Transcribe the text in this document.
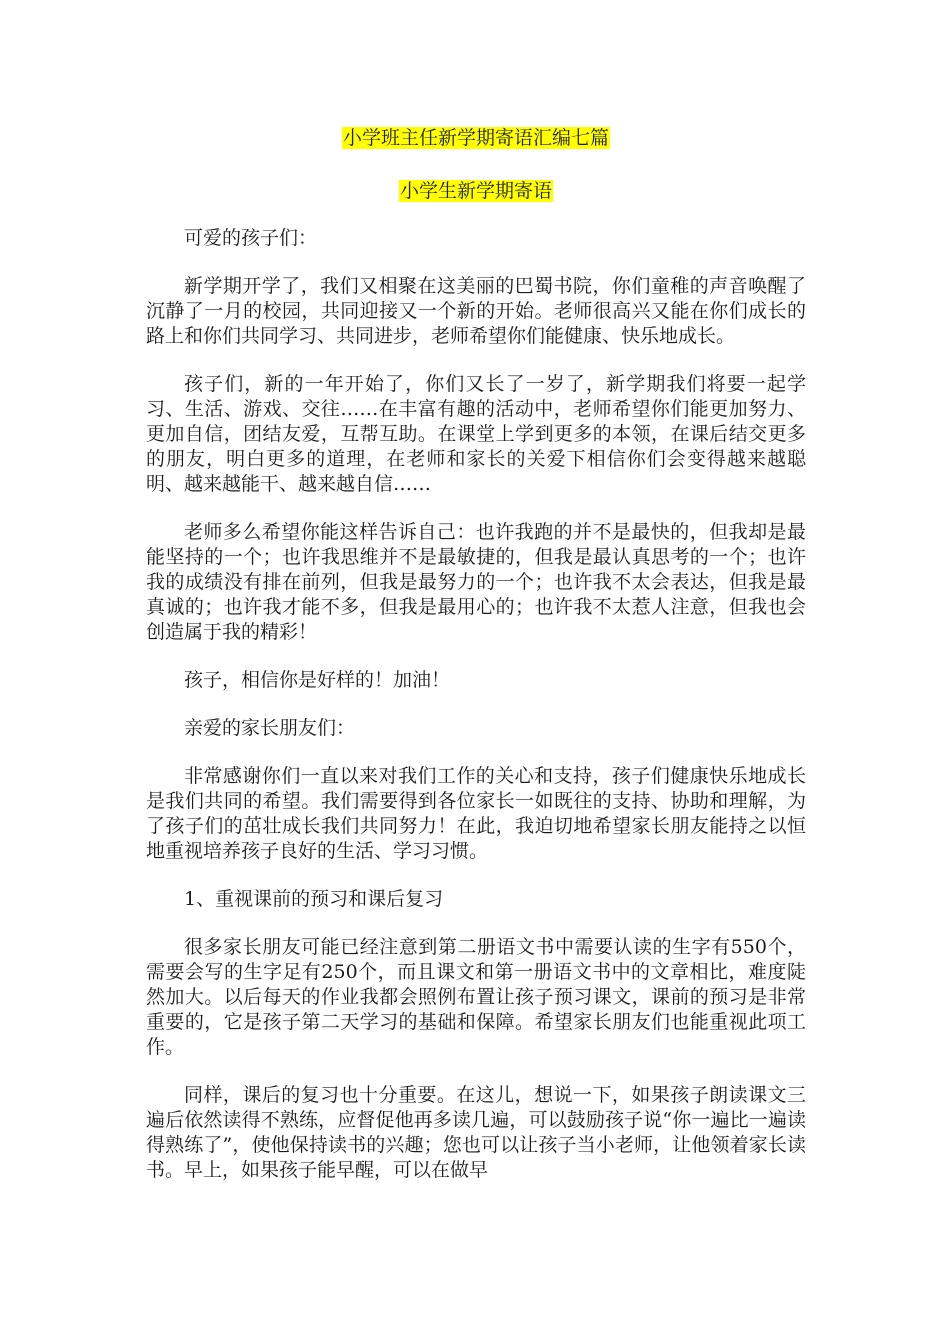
小学班主任新学期寄语汇编七篇
小学生新学期寄语

可爱的孩子们：

新学期开学了，我们又相聚在这美丽的巴蜀书院，你们童稚的声音唤醒了沉静了一月的校园，共同迎接又一个新的开始。老师很高兴又能在你们成长的路上和你们共同学习、共同进步，老师希望你们能健康、快乐地成长。

孩子们，新的一年开始了，你们又长了一岁了，新学期我们将要一起学习、生活、游戏、交往……在丰富有趣的活动中，老师希望你们能更加努力、更加自信，团结友爱，互帮互助。在课堂上学到更多的本领，在课后结交更多的朋友，明白更多的道理，在老师和家长的关爱下相信你们会变得越来越聪明、越来越能干、越来越自信……

老师多么希望你能这样告诉自己：也许我跑的并不是最快的，但我却是最能坚持的一个；也许我思维并不是最敏捷的，但我是最认真思考的一个；也许我的成绩没有排在前列，但我是最努力的一个；也许我不太会表达，但我是最真诚的；也许我才能不多，但我是最用心的；也许我不太惹人注意，但我也会创造属于我的精彩！

孩子，相信你是好样的！加油！

亲爱的家长朋友们：

非常感谢你们一直以来对我们工作的关心和支持，孩子们健康快乐地成长是我们共同的希望。我们需要得到各位家长一如既往的支持、协助和理解，为了孩子们的茁壮成长我们共同努力！在此，我迫切地希望家长朋友能持之以恒地重视培养孩子良好的生活、学习习惯。

1、重视课前的预习和课后复习

很多家长朋友可能已经注意到第二册语文书中需要认读的生字有550个，需要会写的生字足有250个，而且课文和第一册语文书中的文章相比，难度陡然加大。以后每天的作业我都会照例布置让孩子预习课文，课前的预习是非常重要的，它是孩子第二天学习的基础和保障。希望家长朋友们也能重视此项工作。

同样，课后的复习也十分重要。在这儿，想说一下，如果孩子朗读课文三遍后依然读得不熟练，应督促他再多读几遍，可以鼓励孩子说“你一遍比一遍读得熟练了”，使他保持读书的兴趣；您也可以让孩子当小老师，让他领着家长读书。早上，如果孩子能早醒，可以在做早
